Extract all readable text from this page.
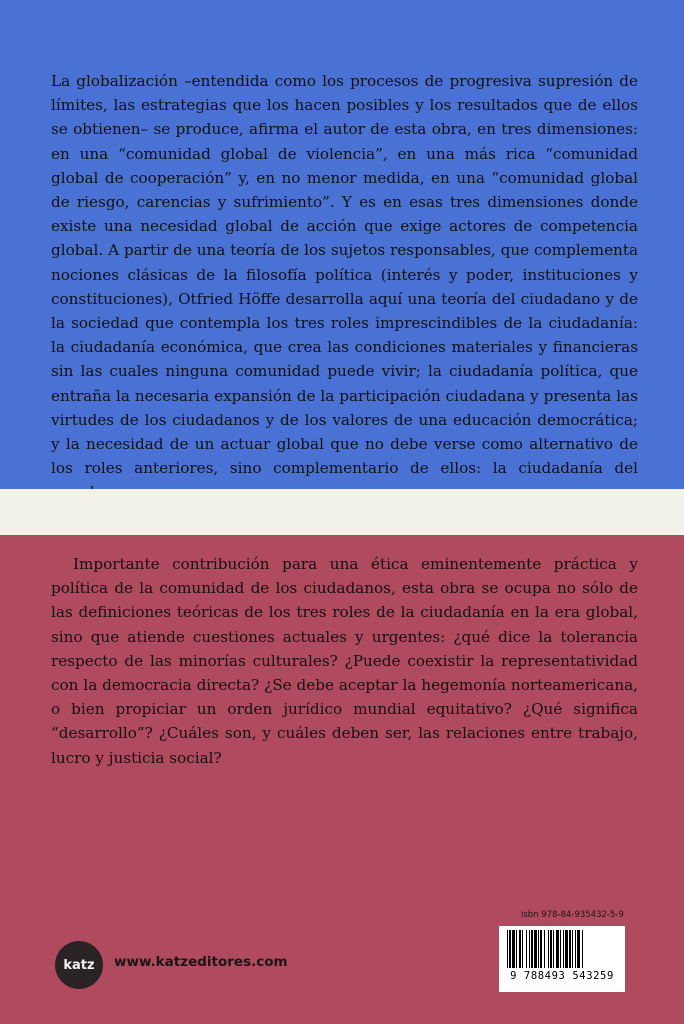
La globalización –entendida como los procesos de progresiva supresión de límites, las estrategias que los hacen posibles y los resultados que de ellos se obtienen– se produce, afirma el autor de esta obra, en tres dimensiones: en una “comunidad global de violencia”, en una más rica “comunidad global de cooperación” y, en no menor medida, en una “comunidad global de riesgo, carencias y sufrimiento”. Y es en esas tres dimensiones donde existe una necesidad global de acción que exige actores de competencia global. A partir de una teoría de los sujetos responsables, que complementa nociones clásicas de la filosofía política (interés y poder, instituciones y constituciones), Otfried Höffe desarrolla aquí una teoría del ciudadano y de la sociedad que contempla los tres roles imprescindibles de la ciudadanía: la ciudadanía económica, que crea las condiciones materiales y financieras sin las cuales ninguna comunidad puede vivir; la ciudadanía política, que entraña la necesaria expansión de la participación ciudadana y presenta las virtudes de los ciudadanos y de los valores de una educación democrática; y la necesidad de un actuar global que no debe verse como alternativo de los roles anteriores, sino complementario de ellos: la ciudadanía del

Importante contribución para una ética eminentemente práctica y política de la comunidad de los ciudadanos, esta obra se ocupa no sólo de las definiciones teóricas de los tres roles de la ciudadanía en la era global, sino que atiende cuestiones actuales y urgentes: ¿qué dice la tolerancia respecto de las minorías culturales? ¿Puede coexistir la representatividad con la democracia directa? ¿Se debe aceptar la hegemonía norteamericana, o bien propiciar un orden jurídico mundial equitativo? ¿Qué significa “desarrollo”? ¿Cuáles son, y cuáles deben ser, las relaciones entre trabajo, lucro y justicia social?

katz www.katzeditores.com
isbn 978-84-935432-5-9
9 788493 543259
